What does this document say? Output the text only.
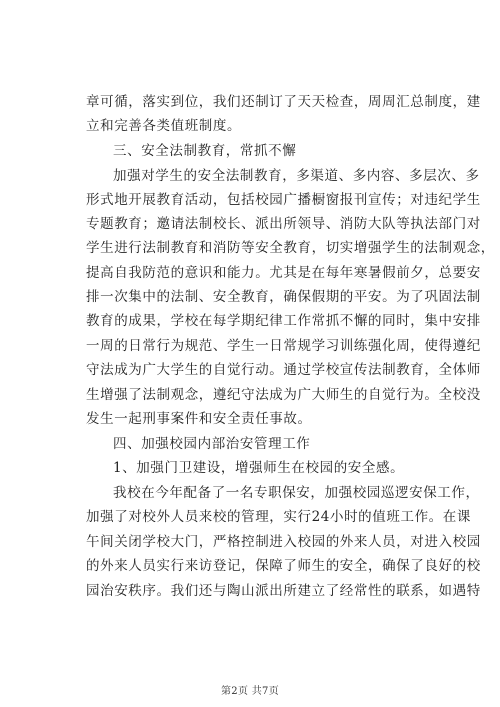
章可循，落实到位，我们还制订了天天检查，周周汇总制度，建
立和完善各类值班制度。
三、安全法制教育，常抓不懈
加强对学生的安全法制教育，多渠道、多内容、多层次、多
形式地开展教育活动，包括校园广播橱窗报刊宣传；对违纪学生
专题教育；邀请法制校长、派出所领导、消防大队等执法部门对
学生进行法制教育和消防等安全教育，切实增强学生的法制观念，
提高自我防范的意识和能力。尤其是在每年寒暑假前夕，总要安
排一次集中的法制、安全教育，确保假期的平安。为了巩固法制
教育的成果，学校在每学期纪律工作常抓不懈的同时，集中安排
一周的日常行为规范、学生一日常规学习训练强化周，使得遵纪
守法成为广大学生的自觉行动。通过学校宣传法制教育，全体师
生增强了法制观念，遵纪守法成为广大师生的自觉行为。全校没
发生一起刑事案件和安全责任事故。
四、加强校园内部治安管理工作
1、加强门卫建设，增强师生在校园的安全感。
我校在今年配备了一名专职保安，加强校园巡逻安保工作，
加强了对校外人员来校的管理，实行24小时的值班工作。在课
午间关闭学校大门，严格控制进入校园的外来人员，对进入校园
的外来人员实行来访登记，保障了师生的安全，确保了良好的校
园治安秩序。我们还与陶山派出所建立了经常性的联系，如遇特
第2页 共7页
